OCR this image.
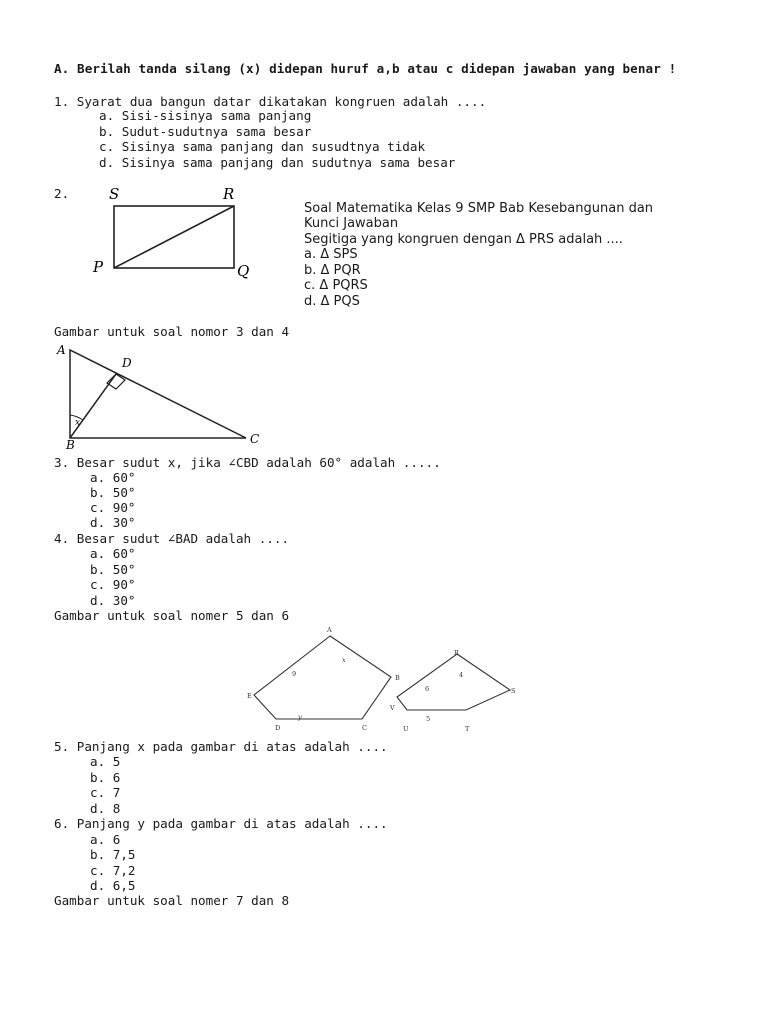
A. Berilah tanda silang (x) didepan huruf a,b atau c didepan jawaban yang benar !
1. Syarat dua bangun datar dikatakan kongruen adalah ....
a. Sisi-sisinya sama panjang
b. Sudut-sudutnya sama besar
c. Sisinya sama panjang dan susudtnya tidak
d. Sisinya sama panjang dan sudutnya sama besar
2.	S	R
P	Q
Soal Matematika Kelas 9 SMP Bab Kesebangunan dan
Kunci Jawaban
Segitiga yang kongruen dengan Δ PRS adalah ....
a. Δ SPS
b. Δ PQR
c. Δ PQRS
d. Δ PQS
Gambar untuk soal nomor 3 dan 4
A
D
B	C
x
3. Besar sudut x, jika ∠CBD adalah 60° adalah .....
a. 60°
b. 50°
c. 90°
d. 30°
4. Besar sudut ∠BAD adalah ....
a. 60°
b. 50°
c. 90°
d. 30°
Gambar untuk soal nomer 5 dan 6
A
B
C
D
E
9
x
y
R
S
T
U
V
4
6
5
5. Panjang x pada gambar di atas adalah ....
a. 5
b. 6
c. 7
d. 8
6. Panjang y pada gambar di atas adalah ....
a. 6
b. 7,5
c. 7,2
d. 6,5
Gambar untuk soal nomer 7 dan 8
